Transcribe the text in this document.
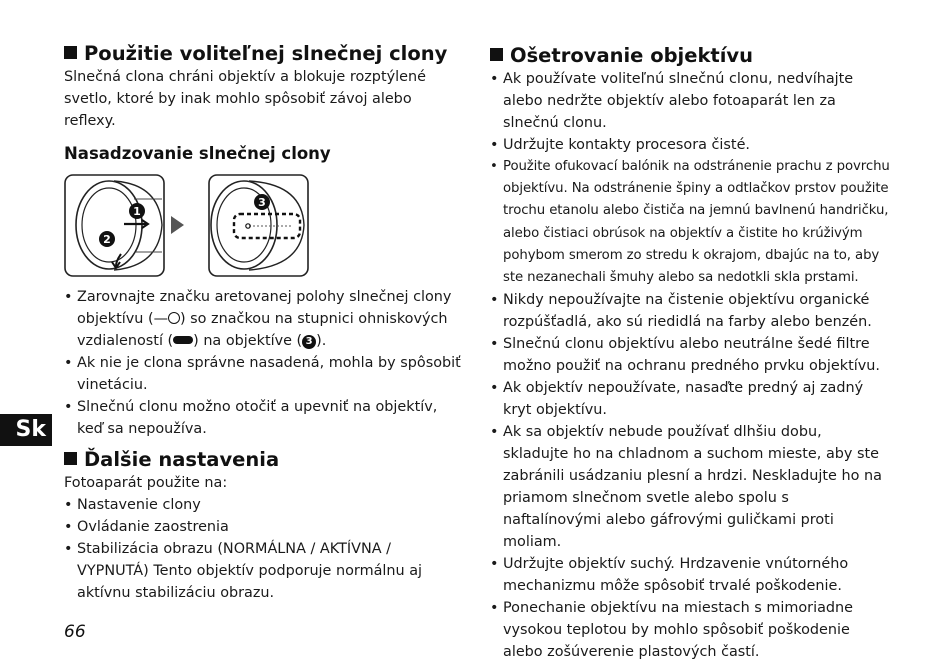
Použitie voliteľnej slnečnej clony

Slnečná clona chráni objektív a blokuje rozptýlené svetlo, ktoré by inak mohlo spôsobiť závoj alebo reflexy.

Nasadzovanie slnečnej clony
1
2
3
• Zarovnajte značku aretovanej polohy slnečnej clony objektívu (— ) so značkou na stupnici ohniskových vzdialeností ( ) na objektíve ( 3 ).
• Ak nie je clona správne nasadená, mohla by spôsobiť vinetáciu.
• Slnečnú clonu možno otočiť a upevniť na objektív, keď sa nepoužíva.
Ďalšie nastavenia

Fotoaparát použite na:

• Nastavenie clony
• Ovládanie zaostrenia
• Stabilizácia obrazu (NORMÁLNA / AKTÍVNA / VYPNUTÁ) Tento objektív podporuje normálnu aj aktívnu stabilizáciu obrazu.
Ošetrovanie objektívu
• Ak používate voliteľnú slnečnú clonu, nedvíhajte alebo nedržte objektív alebo fotoaparát len za slnečnú clonu.
• Udržujte kontakty procesora čisté.
• Použite ofukovací balónik na odstránenie prachu z povrchu objektívu. Na odstránenie špiny a odtlačkov prstov použite trochu etanolu alebo čističa na jemnú bavlnenú handričku, alebo čistiaci obrúsok na objektív a čistite ho krúživým pohybom smerom zo stredu k okrajom, dbajúc na to, aby ste nezanechali šmuhy alebo sa nedotkli skla prstami.
• Nikdy nepoužívajte na čistenie objektívu organické rozpúšťadlá, ako sú riedidlá na farby alebo benzén.
• Slnečnú clonu objektívu alebo neutrálne šedé filtre možno použiť na ochranu predného prvku objektívu.
• Ak objektív nepoužívate, nasaďte predný aj zadný kryt objektívu.
• Ak sa objektív nebude používať dlhšiu dobu, skladujte ho na chladnom a suchom mieste, aby ste zabránili usádzaniu plesní a hrdzi. Neskladujte ho na priamom slnečnom svetle alebo spolu s naftalínovými alebo gáfrovými guličkami proti moliam.
• Udržujte objektív suchý. Hrdzavenie vnútorného mechanizmu môže spôsobiť trvalé poškodenie.
• Ponechanie objektívu na miestach s mimoriadne vysokou teplotou by mohlo spôsobiť poškodenie alebo zošúverenie plastových častí.
Sk
66
